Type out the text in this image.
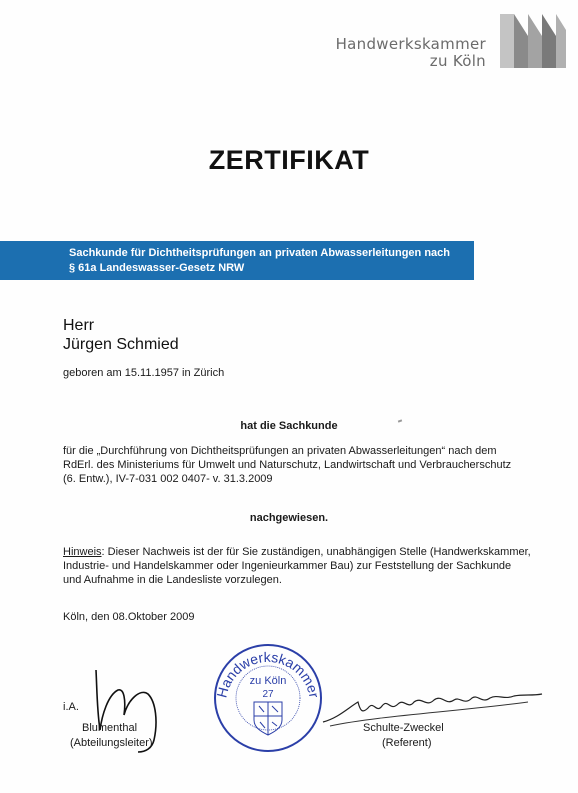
Handwerkskammer
zu Köln
ZERTIFIKAT
Sachkunde für Dichtheitsprüfungen an privaten Abwasserleitungen nach
§ 61a Landeswasser-Gesetz NRW
Herr
Jürgen Schmied
geboren am 15.11.1957 in Zürich
hat die Sachkunde
für die „Durchführung von Dichtheitsprüfungen an privaten Abwasserleitungen“ nach dem
RdErl. des Ministeriums für Umwelt und Naturschutz, Landwirtschaft und Verbraucherschutz
(6. Entw.), IV-7-031 002 0407- v. 31.3.2009
nachgewiesen.
Hinweis: Dieser Nachweis ist der für Sie zuständigen, unabhängigen Stelle (Handwerkskammer,
Industrie- und Handelskammer oder Ingenieurkammer Bau) zur Feststellung der Sachkunde
und Aufnahme in die Landesliste vorzulegen.
Köln, den 08.Oktober 2009
i.A.
Blumenthal
(Abteilungsleiter)
Handwerkskammer
zu Köln
27
Schulte-Zweckel
(Referent)
